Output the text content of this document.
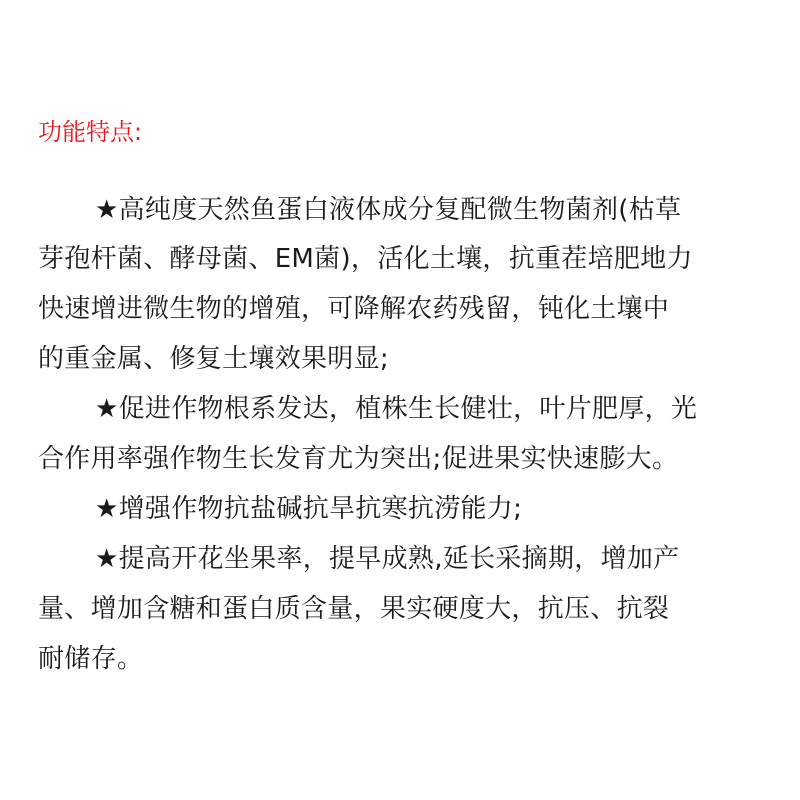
功能特点:
★高纯度天然鱼蛋白液体成分复配微生物菌剂(枯草
芽孢杆菌、酵母菌、EM菌)，活化土壤，抗重茬培肥地力
快速增进微生物的增殖，可降解农药残留，钝化土壤中
的重金属、修复土壤效果明显;
★促进作物根系发达，植株生长健壮，叶片肥厚，光
合作用率强作物生长发育尤为突出;促进果实快速膨大。
★增强作物抗盐碱抗旱抗寒抗涝能力;
★提高开花坐果率，提早成熟,延长采摘期，增加产
量、增加含糖和蛋白质含量，果实硬度大，抗压、抗裂
耐储存。
